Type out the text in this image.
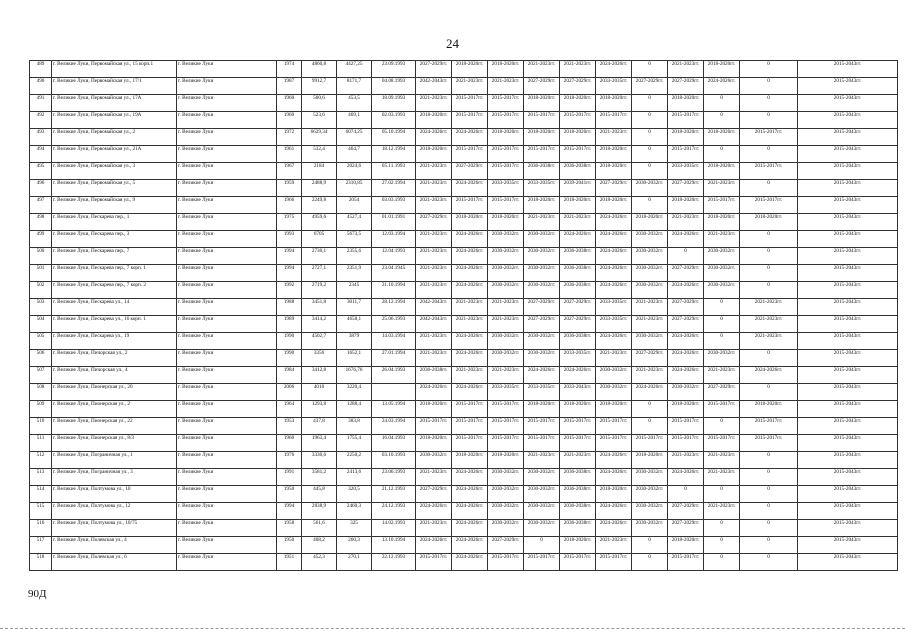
24
489	г. Великие Луки, Первомайская ул., 15 корп.1	г. Великие Луки	1974	4860,8	4427,25	23.09.1993	2027-2029гг.	2018-2020гг.	2018-2020гг.	2021-2023гг.	2021-2023гг.	2024-2026гг.	0	2021-2023гг.	2018-2020гг.	0	2015-2043гг.
490	г. Великие Луки, Первомайская ул., 17/1	г. Великие Луки	1987	9912,7	8171,7	04.08.1993	2042-2043гг.	2021-2023гг.	2021-2023гг.	2027-2029гг.	2027-2029гг.	2033-2035гг.	2027-2029гг.	2027-2029гг.	2024-2026гг.	0	2015-2043гг.
491	г. Великие Луки, Первомайская ул., 17А	г. Великие Луки	1960	500,6	453,5	18.09.1993	2021-2023гг.	2015-2017гг.	2015-2017гг.	2018-2020гг.	2018-2020гг.	2018-2020гг.	0	2018-2020гг.	0	0	2015-2043гг.
492	г. Великие Луки, Первомайская ул., 19А	г. Великие Луки	1960	523,6	469,1	02.03.1993	2018-2020гг.	2015-2017гг.	2015-2017гг.	2015-2017гг.	2015-2017гг.	2015-2017гг.	0	2015-2017гг.	0	0	2015-2043гг.
493	г. Великие Луки, Первомайская ул., 2	г. Великие Луки	1972	6629,34	6074,25	05.10.1994	2024-2026гг.	2024-2026гг.	2018-2020гг.	2018-2020гг.	2018-2020гг.	2021-2023гг.	0	2018-2020гг.	2018-2020гг.	2015-2017гг.	2015-2043гг.
494	г. Великие Луки, Первомайская ул., 21А	г. Великие Луки	1961	532,4	464,7	18.12.1994	2018-2020гг.	2015-2017гг.	2015-2017гг.	2015-2017гг.	2015-2017гг.	2018-2020гг.	0	2015-2017гг.	0	0	2015-2043гг.
495	г. Великие Луки, Первомайская ул., 3	г. Великие Луки	1967	2184	2024,6	05.11.1993	2021-2023гг.	2027-2029гг.	2015-2017гг.	2036-2038гг.	2036-2038гг.	2018-2020гг.	0	2033-2035гг.	2018-2020гг.	2015-2017гг.	2015-2043гг.
496	г. Великие Луки, Первомайская ул., 5	г. Великие Луки	1959	2488,9	2310,85	27.02.1994	2021-2023гг.	2024-2026гг.	2033-2035гг.	2033-2035гг.	2039-2041гг.	2027-2029гг.	2030-2032гг.	2027-2029гг.	2021-2023гг.	0	2015-2043гг.
497	г. Великие Луки, Первомайская ул., 9	г. Великие Луки	1966	2249,8	2054	03.03.1993	2021-2023гг.	2015-2017гг.	2015-2017гг.	2018-2020гг.	2018-2020гг.	2018-2020гг.	0	2018-2020гг.	2015-2017гг.	2015-2017гг.	2015-2043гг.
498	г. Великие Луки, Пескарева пер., 1	г. Великие Луки	1975	4959,6	4527,4	01.01.1991	2027-2029гг.	2018-2020гг.	2018-2020гг.	2021-2023гг.	2021-2023гг.	2024-2026гг.	2018-2020гг.	2021-2023гг.	2018-2020гг.	2018-2020гг.	2015-2043гг.
499	г. Великие Луки, Пескарева пер., 3	г. Великие Луки	1993	6705	5673,5	12.03.1994	2021-2023гг.	2024-2026гг.	2030-2032гг.	2030-2032гг.	2024-2026гг.	2024-2026гг.	2030-2032гг.	2024-2026гг.	2021-2023гг.	0	2015-2043гг.
500	г. Великие Луки, Пескарева пер., 7	г. Великие Луки	1994	2730,1	2355,6	12.04.1993	2021-2023гг.	2024-2026гг.	2030-2032гг.	2030-2032гг.	2036-2038гг.	2024-2026гг.	2030-2032гг.	0	2030-2032гг.	0	2015-2043гг.
501	г. Великие Луки, Пескарева пер., 7 корп. 1	г. Великие Луки	1994	2727,1	2351,9	23.04.1945	2021-2023гг.	2024-2026гг.	2030-2032гг.	2030-2032гг.	2036-2038гг.	2024-2026гг.	2030-2032гг.	2027-2029гг.	2030-2032гг.	0	2015-2043гг.
502	г. Великие Луки, Пескарева пер., 7 корп. 2	г. Великие Луки	1992	2719,2	2345	21.10.1994	2021-2023гг.	2024-2026гг.	2030-2032гг.	2030-2032гг.	2036-2038гг.	2024-2026гг.	2030-2032гг.	2024-2026гг.	2030-2032гг.	0	2015-2043гг.
503	г. Великие Луки, Пескарева ул., 14	г. Великие Луки	1988	3451,8	3011,7	28.12.1994	2042-2043гг.	2021-2023гг.	2021-2023гг.	2027-2029гг.	2027-2029гг.	2033-2035гг.	2021-2023гг.	2027-2029гг.	0	2021-2023гг.	2015-2043гг.
504	г. Великие Луки, Пескарева ул., 16 корп. 1	г. Великие Луки	1989	3414,2	4658,1	25.06.1993	2042-2043гг.	2021-2023гг.	2021-2023гг.	2027-2029гг.	2027-2029гг.	2033-2035гг.	2021-2023гг.	2027-2029гг.	0	2021-2023гг.	2015-2043гг.
505	г. Великие Луки, Пескарева ул., 19	г. Великие Луки	1990	4502,7	3879	14.03.1994	2021-2023гг.	2024-2026гг.	2030-2032гг.	2030-2032гг.	2036-2038гг.	2024-2026гг.	2030-2032гг.	2024-2026гг.	0	2021-2023гг.	2015-2043гг.
506	г. Великие Луки, Пичорская ул., 2	г. Великие Луки	1990	3356	1652,1	27.01.1994	2021-2023гг.	2024-2026гг.	2030-2032гг.	2030-2032гг.	2033-2035гг.	2021-2023гг.	2027-2029гг.	2024-2026гг.	2030-2032гг.	0	2015-2043гг.
507	г. Великие Луки, Пичорская ул., 4	г. Великие Луки	1984	3412,8	1676,76	26.04.1993	2036-2038гг.	2021-2023гг.	2021-2023гг.	2024-2026гг.	2024-2026гг.	2030-2032гг.	2021-2023гг.	2024-2026гг.	2021-2023гг.	2024-2026гг.	2015-2043гг.
508	г. Великие Луки, Пионерская ул., 20	г. Великие Луки	2006	4010	3220,4		2024-2026гг.	2024-2026гг.	2033-2035гг.	2033-2035гг.	2033-2043гг.	2030-2032гг.	2024-2026гг.	2030-2032гг.	2027-2029гг.	0	2015-2043гг.
509	г. Великие Луки, Пионерская ул., 2	г. Великие Луки	1964	1293,8	1288,4	13.05.1994	2018-2020гг.	2015-2017гг.	2015-2017гг.	2018-2020гг.	2018-2020гг.	2018-2020гг.	0	2018-2020гг.	2015-2017гг.	2018-2020гг.	2015-2043гг.
510	г. Великие Луки, Пионерская ул., 22	г. Великие Луки	1953	437,8	383,8	24.03.1994	2015-2017гг.	2015-2017гг.	2015-2017гг.	2015-2017гг.	2015-2017гг.	2015-2017гг.	0	2015-2017гг.	0	2015-2017гг.	2015-2043гг.
511	г. Великие Луки, Пионерская ул., 8/3	г. Великие Луки	1960	1963,4	1755,4	16.04.1993	2018-2020гг.	2015-2017гг.	2015-2017гг.	2015-2017гг.	2015-2017гг.	2015-2017гг.	2015-2017гг.	2015-2017гг.	2015-2017гг.	2015-2017гг.	2015-2043гг.
512	г. Великие Луки, Пограничная ул., 1	г. Великие Луки	1976	3330,6	2250,2	03.10.1993	2030-2032гг.	2018-2020гг.	2018-2020гг.	2021-2023гг.	2021-2023гг.	2024-2026гг.	2018-2020гг.	2021-2023гг.	2021-2023гг.	0	2015-2043гг.
513	г. Великие Луки, Пограничная ул., 3	г. Великие Луки	1991	3581,2	2413,6	23.06.1993	2021-2023гг.	2024-2026гг.	2030-2032гг.	2030-2032гг.	2036-2038гг.	2024-2026гг.	2030-2032гг.	2024-2026гг.	2021-2023гг.	0	2015-2043гг.
514	г. Великие Луки, Полтумова ул., 10	г. Великие Луки	1950	445,8	320,5	21.12.1993	2027-2029гг.	2024-2026гг.	2030-2032гг.	2030-2032гг.	2036-2038гг.	2018-2020гг.	2030-2032гг.	0	0	0	2015-2043гг.
515	г. Великие Луки, Полтумова ул., 12	г. Великие Луки	1994	2838,9	2460,3	24.12.1993	2024-2026гг.	2024-2026гг.	2030-2032гг.	2030-2032гг.	2036-2038гг.	2024-2026гг.	2030-2032гг.	2027-2029гг.	2021-2023гг.	0	2015-2043гг.
516	г. Великие Луки, Полтумова ул., 10/75	г. Великие Луки	1958	561,6	325	14.02.1993	2021-2023гг.	2024-2026гг.	2030-2032гг.	2030-2032гг.	2036-2038гг.	2024-2026гг.	2030-2032гг.	2027-2029гг.	0	0	2015-2043гг.
517	г. Великие Луки, Полевская ул., 4	г. Великие Луки	1950	408,2	260,3	13.10.1994	2024-2026гг.	2024-2026гг.	2027-2029гг.	0	2018-2020гг.	2021-2023гг.	0	2018-2020гг.	0	0	2015-2043гг.
518	г. Великие Луки, Полевская ул., 6	г. Великие Луки	1951	452,3	270,1	22.12.1993	2015-2017гг.	2024-2026гг.	2015-2017гг.	2015-2017гг.	2015-2017гг.	2015-2017гг.	0	2015-2017гг.	0	0	2015-2043гг.
90Д
